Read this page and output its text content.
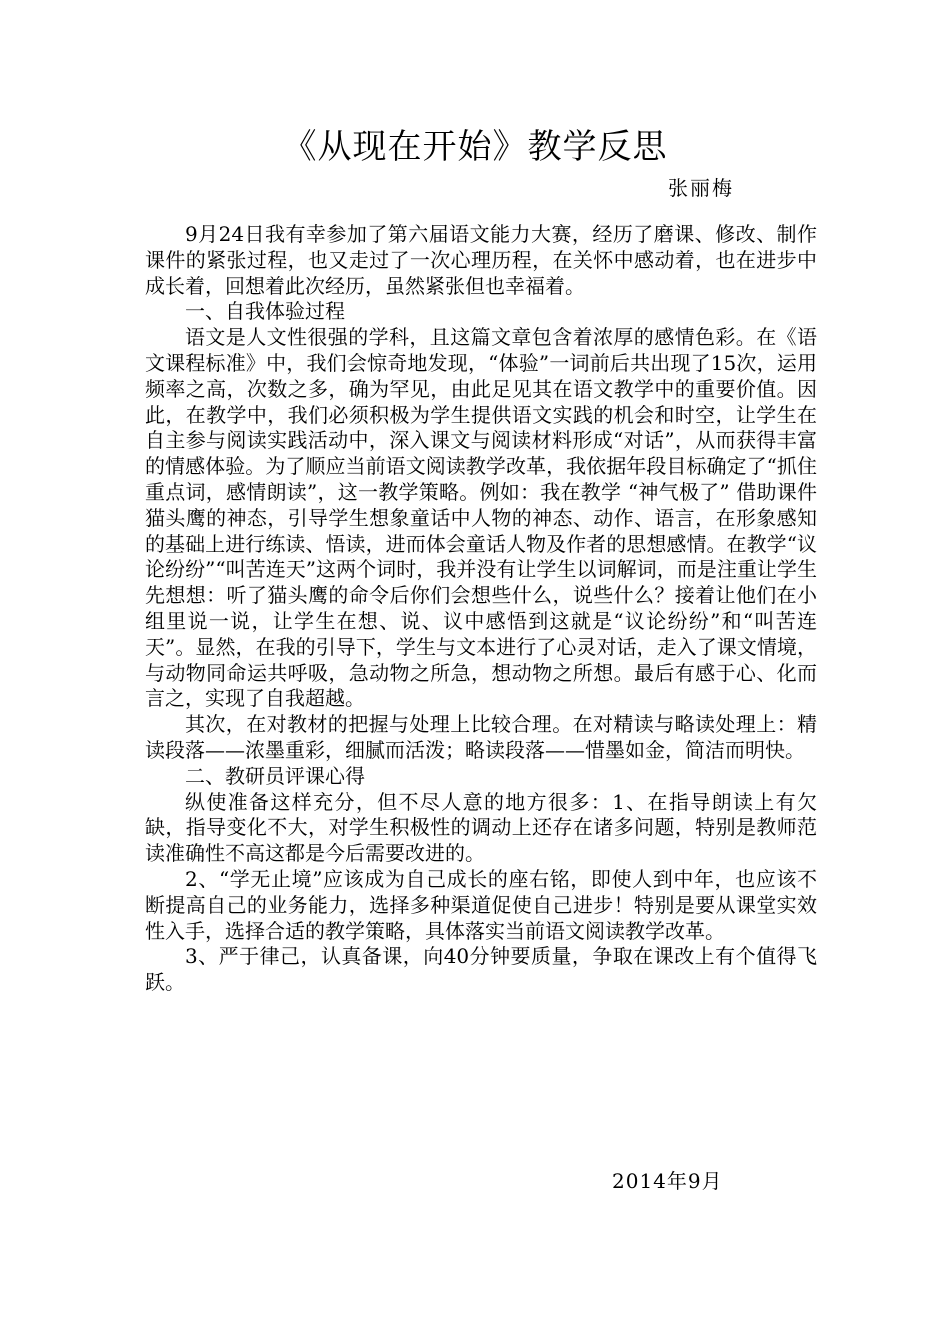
《从现在开始》教学反思
张丽梅

9月24日我有幸参加了第六届语文能力大赛，经历了磨课、修改、制作课件的紧张过程，也又走过了一次心理历程，在关怀中感动着，也在进步中成长着，回想着此次经历，虽然紧张但也幸福着。

一、自我体验过程

语文是人文性很强的学科，且这篇文章包含着浓厚的感情色彩。在《语文课程标准》中，我们会惊奇地发现，“体验”一词前后共出现了15次，运用频率之高，次数之多，确为罕见，由此足见其在语文教学中的重要价值。因此，在教学中，我们必须积极为学生提供语文实践的机会和时空，让学生在自主参与阅读实践活动中，深入课文与阅读材料形成“对话”，从而获得丰富的情感体验。为了顺应当前语文阅读教学改革，我依据年段目标确定了“抓住重点词，感情朗读”，这一教学策略。例如：我在教学 “神气极了” 借助课件猫头鹰的神态，引导学生想象童话中人物的神态、动作、语言，在形象感知的基础上进行练读、悟读，进而体会童话人物及作者的思想感情。在教学“议论纷纷”“叫苦连天”这两个词时，我并没有让学生以词解词，而是注重让学生先想想：听了猫头鹰的命令后你们会想些什么，说些什么？接着让他们在小组里说一说，让学生在想、说、议中感悟到这就是“议论纷纷”和“叫苦连天”。显然，在我的引导下，学生与文本进行了心灵对话，走入了课文情境，与动物同命运共呼吸，急动物之所急，想动物之所想。最后有感于心、化而言之，实现了自我超越。

其次，在对教材的把握与处理上比较合理。在对精读与略读处理上：精读段落——浓墨重彩，细腻而活泼；略读段落——惜墨如金，简洁而明快。

二、教研员评课心得

纵使准备这样充分，但不尽人意的地方很多：1、在指导朗读上有欠缺，指导变化不大，对学生积极性的调动上还存在诸多问题，特别是教师范读准确性不高这都是今后需要改进的。

2、“学无止境”应该成为自己成长的座右铭，即使人到中年，也应该不断提高自己的业务能力，选择多种渠道促使自己进步！特别是要从课堂实效性入手，选择合适的教学策略，具体落实当前语文阅读教学改革。

3、严于律己，认真备课，向40分钟要质量，争取在课改上有个值得飞跃。

2014年9月
